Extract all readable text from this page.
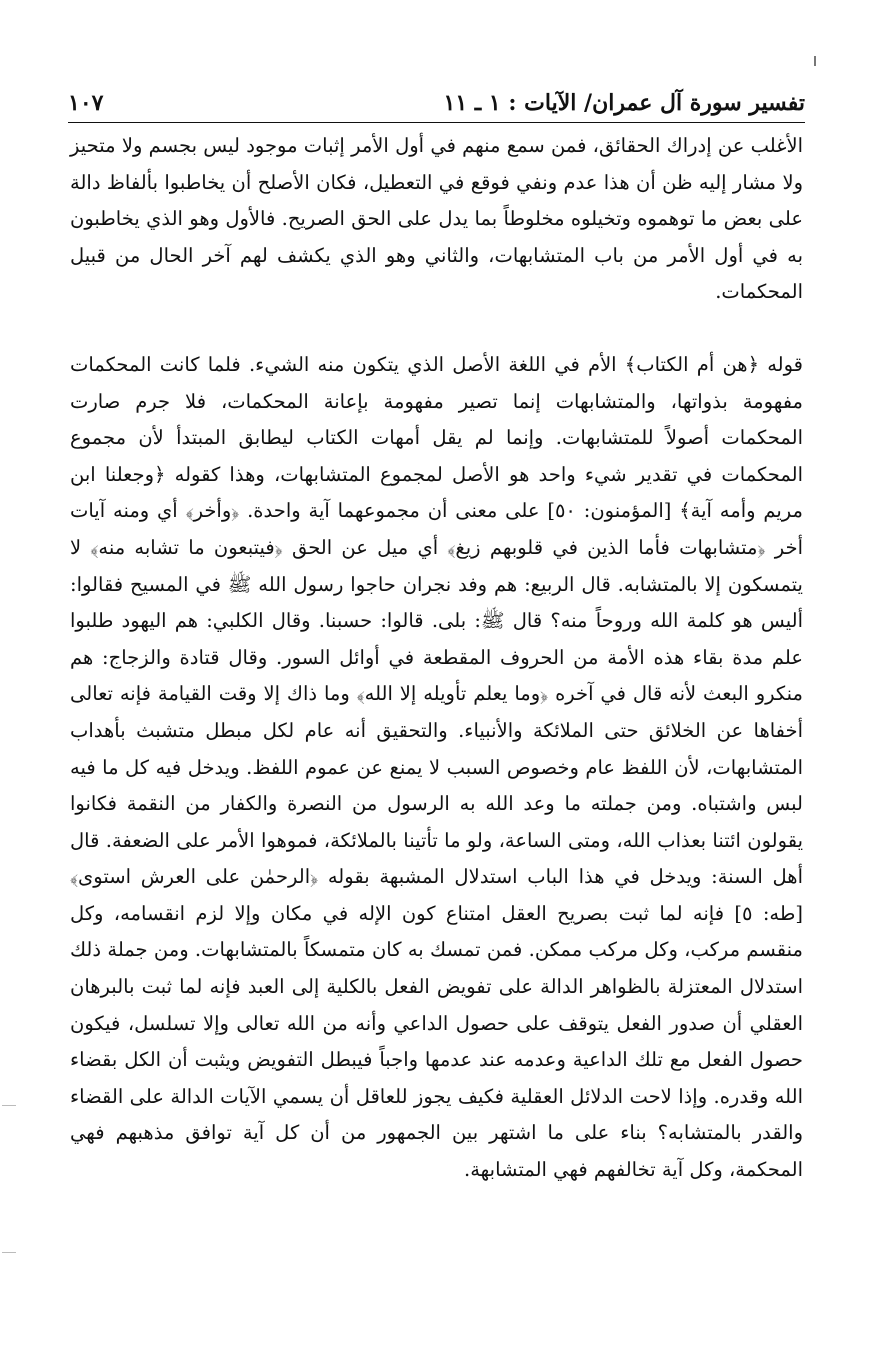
١٠٧	تفسير سورة آل عمران/ الآيات : ١ ـ ١١

الأغلب عن إدراك الحقائق، فمن سمع منهم في أول الأمر إثبات موجود ليس بجسم ولا متحيز ولا مشار إليه ظن أن هذا عدم ونفي فوقع في التعطيل، فكان الأصلح أن يخاطبوا بألفاظ دالة على بعض ما توهموه وتخيلوه مخلوطاً بما يدل على الحق الصريح. فالأول وهو الذي يخاطبون به في أول الأمر من باب المتشابهات، والثاني وهو الذي يكشف لهم آخر الحال من قبيل المحكمات.

قوله ﴿هن أم الكتاب﴾ الأم في اللغة الأصل الذي يتكون منه الشيء. فلما كانت المحكمات مفهومة بذواتها، والمتشابهات إنما تصير مفهومة بإعانة المحكمات، فلا جرم صارت المحكمات أصولاً للمتشابهات. وإنما لم يقل أمهات الكتاب ليطابق المبتدأ لأن مجموع المحكمات في تقدير شيء واحد هو الأصل لمجموع المتشابهات، وهذا كقوله ﴿وجعلنا ابن مريم وأمه آية﴾ [المؤمنون: ٥٠] على معنى أن مجموعهما آية واحدة. ﴿وأخر﴾ أي ومنه آيات أخر ﴿متشابهات فأما الذين في قلوبهم زيغ﴾ أي ميل عن الحق ﴿فيتبعون ما تشابه منه﴾ لا يتمسكون إلا بالمتشابه. قال الربيع: هم وفد نجران حاجوا رسول الله ﷺ في المسيح فقالوا: أليس هو كلمة الله وروحاً منه؟ قال ﷺ: بلى. قالوا: حسبنا. وقال الكلبي: هم اليهود طلبوا علم مدة بقاء هذه الأمة من الحروف المقطعة في أوائل السور. وقال قتادة والزجاج: هم منكرو البعث لأنه قال في آخره ﴿وما يعلم تأويله إلا الله﴾ وما ذاك إلا وقت القيامة فإنه تعالى أخفاها عن الخلائق حتى الملائكة والأنبياء. والتحقيق أنه عام لكل مبطل متشبث بأهداب المتشابهات، لأن اللفظ عام وخصوص السبب لا يمنع عن عموم اللفظ. ويدخل فيه كل ما فيه لبس واشتباه. ومن جملته ما وعد الله به الرسول من النصرة والكفار من النقمة فكانوا يقولون ائتنا بعذاب الله، ومتى الساعة، ولو ما تأتينا بالملائكة، فموهوا الأمر على الضعفة. قال أهل السنة: ويدخل في هذا الباب استدلال المشبهة بقوله ﴿الرحمٰن على العرش استوى﴾ [طه: ٥] فإنه لما ثبت بصريح العقل امتناع كون الإله في مكان وإلا لزم انقسامه، وكل منقسم مركب، وكل مركب ممكن. فمن تمسك به كان متمسكاً بالمتشابهات. ومن جملة ذلك استدلال المعتزلة بالظواهر الدالة على تفويض الفعل بالكلية إلى العبد فإنه لما ثبت بالبرهان العقلي أن صدور الفعل يتوقف على حصول الداعي وأنه من الله تعالى وإلا تسلسل، فيكون حصول الفعل مع تلك الداعية وعدمه عند عدمها واجباً فيبطل التفويض ويثبت أن الكل بقضاء الله وقدره. وإذا لاحت الدلائل العقلية فكيف يجوز للعاقل أن يسمي الآيات الدالة على القضاء والقدر بالمتشابه؟ بناء على ما اشتهر بين الجمهور من أن كل آية توافق مذهبهم فهي المحكمة، وكل آية تخالفهم فهي المتشابهة.
